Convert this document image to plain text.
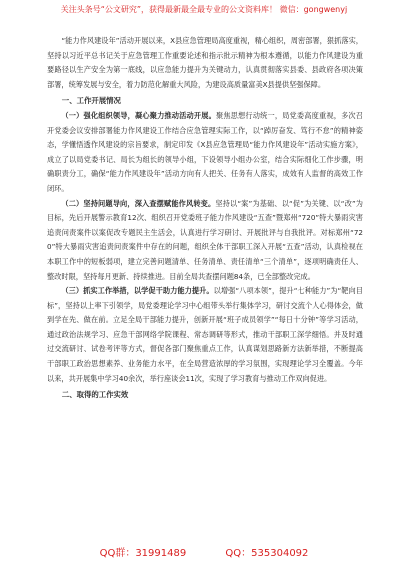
关注头条号“公文研究”，获得最新最全最专业的公文资料库！ 微信：gongwenyj

“能力作风建设年”活动开展以来，X县应急管理局高度重视，精心组织，周密部署，狠抓落实，坚持以习近平总书记关于应急管理工作重要论述和指示批示精神为根本遵循，以能力作风建设为重要路径以生产安全为第一底线，以应急能力提升为关键动力，认真贯彻落实县委、县政府各项决策部署，统筹发展与安全，着力防范化解重大风险，为建设高质量富美X县提供坚强保障。

一、工作开展情况

（一）强化组织领导，凝心聚力推动活动开展。聚焦思想行动统一，局党委高度重视，多次召开党委会议安排部署能力作风建设工作结合应急管理实际工作，以“踔厉奋发、笃行不怠”的精神姿态，学懂悟透作风建设的宗旨要求，制定印发《X县应急管理局“能力作风建设年”活动实施方案》，成立了以局党委书记、局长为组长的领导小组，下设领导小组办公室，结合实际细化工作步骤，明确职责分工，确保“能力作风建设年”活动方向有人把关、任务有人落实，成效有人监督的高效工作闭环。

（二）坚持问题导向，深入查摆赋能作风转变。坚持以“案”为基础、以“促”为关键、以“改”为目标，先后开展警示教育12次、组织召开党委班子能力作风建设“五查”暨郑州“720”特大暴雨灾害追责问责案件以案促改专题民主生活会，认真进行学习研讨、开展批评与自我批评。对标郑州“720”特大暴雨灾害追责问责案件中存在的问题，组织全体干部职工深入开展“五查”活动，认真检视在本职工作中的短板弱项，建立完善问题清单、任务清单、责任清单“三个清单”，逐项明确责任人、整改时限，坚持每月更新、持续推进。目前全局共查摆问题84条，已全部整改完成。

（三）抓实工作举措，以学促干助力能力提升。以增强“八项本领”，提升“七种能力”为“靶向目标”，坚持以上率下引领学，局党委理论学习中心组带头举行集体学习，研讨交流个人心得体会，做到学在先、做在前。立足全局干部能力提升，创新开展“班子成员领学”“每日十分钟”等学习活动，通过政治法规学习、应急干部网络学院课程、常态调研等形式，推动干部职工深学细悟。并及时通过交流研讨、试卷考评等方式，督促各部门聚焦重点工作，认真谋划思路新方法新举措，不断提高干部职工政治思想素养、业务能力水平，在全局营造浓厚的学习氛围，实现理论学习全覆盖。今年以来，共开展集中学习40余次，举行座谈会11次，实现了学习教育与推动工作双向促进。

二、取得的工作实效

QQ群：31991489	QQ：535304092
